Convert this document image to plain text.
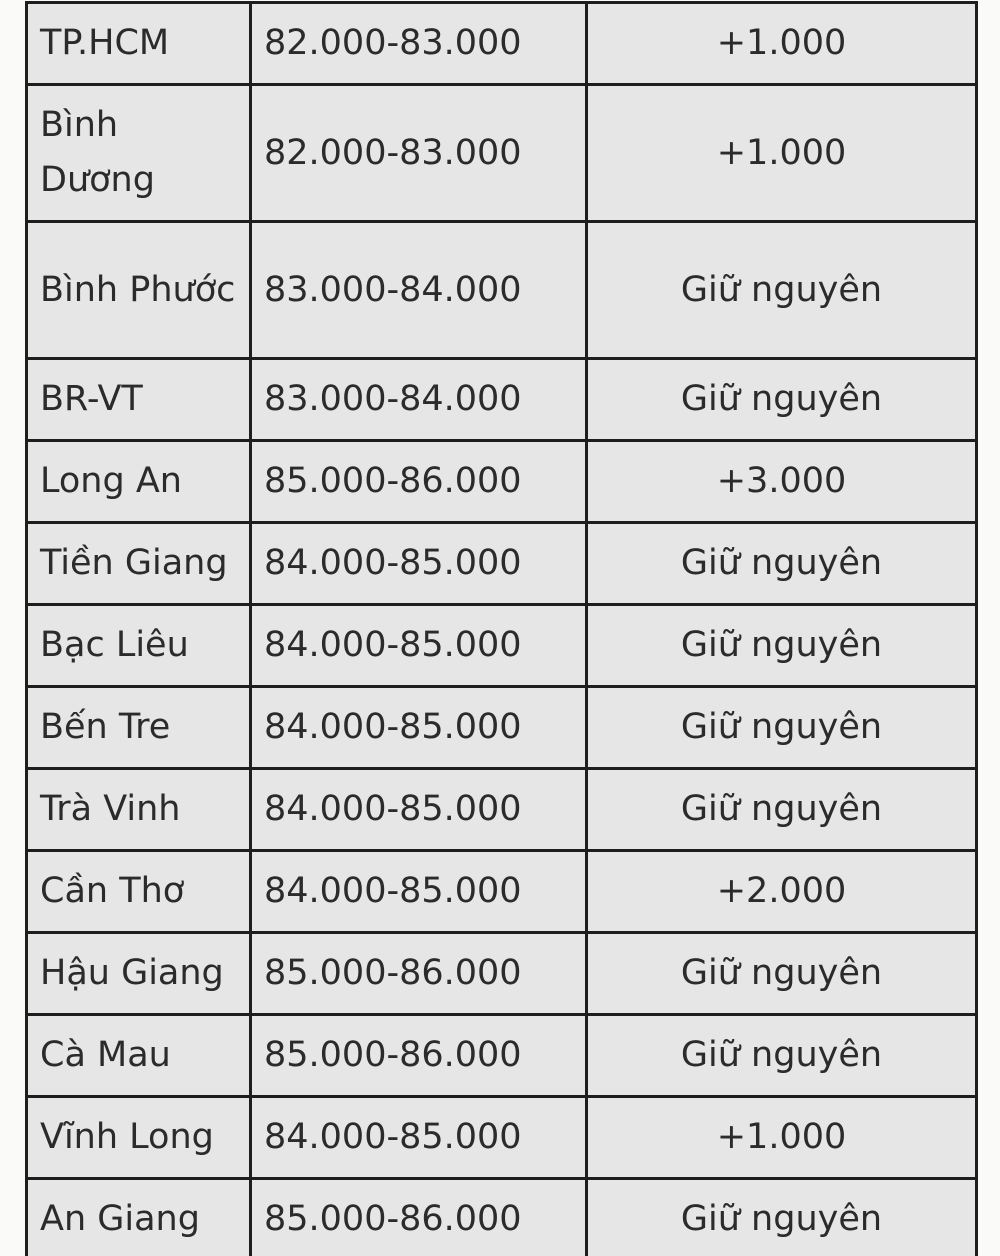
TP.HCM	82.000-83.000	+1.000
Bình Dương	82.000-83.000	+1.000
Bình Phước	83.000-84.000	Giữ nguyên
BR-VT	83.000-84.000	Giữ nguyên
Long An	85.000-86.000	+3.000
Tiền Giang	84.000-85.000	Giữ nguyên
Bạc Liêu	84.000-85.000	Giữ nguyên
Bến Tre	84.000-85.000	Giữ nguyên
Trà Vinh	84.000-85.000	Giữ nguyên
Cần Thơ	84.000-85.000	+2.000
Hậu Giang	85.000-86.000	Giữ nguyên
Cà Mau	85.000-86.000	Giữ nguyên
Vĩnh Long	84.000-85.000	+1.000
An Giang	85.000-86.000	Giữ nguyên
